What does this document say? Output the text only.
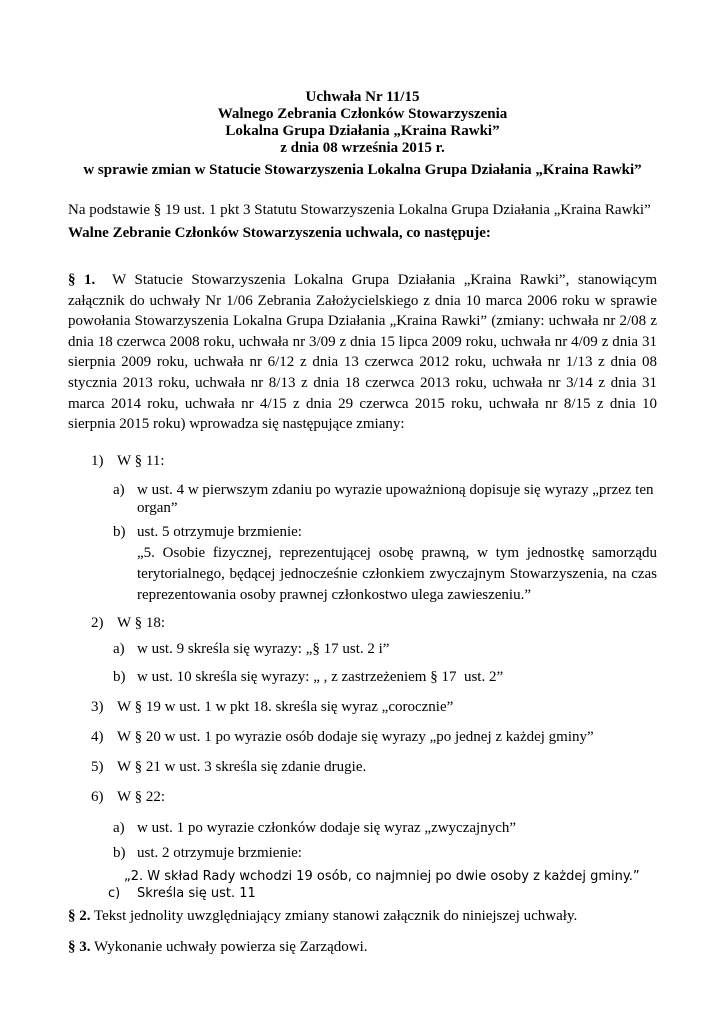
Uchwała Nr 11/15
Walnego Zebrania Członków Stowarzyszenia
Lokalna Grupa Działania „Kraina Rawki”
z dnia 08 września 2015 r.
w sprawie zmian w Statucie Stowarzyszenia Lokalna Grupa Działania „Kraina Rawki”
Na podstawie § 19 ust. 1 pkt 3 Statutu Stowarzyszenia Lokalna Grupa Działania „Kraina Rawki”
Walne Zebranie Członków Stowarzyszenia uchwala, co następuje:
§ 1. W Statucie Stowarzyszenia Lokalna Grupa Działania „Kraina Rawki”, stanowiącym załącznik do uchwały Nr 1/06 Zebrania Założycielskiego z dnia 10 marca 2006 roku w sprawie powołania Stowarzyszenia Lokalna Grupa Działania „Kraina Rawki” (zmiany: uchwała nr 2/08 z dnia 18 czerwca 2008 roku, uchwała nr 3/09 z dnia 15 lipca 2009 roku, uchwała nr 4/09 z dnia 31 sierpnia 2009 roku, uchwała nr 6/12 z dnia 13 czerwca 2012 roku, uchwała nr 1/13 z dnia 08 stycznia 2013 roku, uchwała nr 8/13 z dnia 18 czerwca 2013 roku, uchwała nr 3/14 z dnia 31 marca 2014 roku, uchwała nr 4/15 z dnia 29 czerwca 2015 roku, uchwała nr 8/15 z dnia 10 sierpnia 2015 roku) wprowadza się następujące zmiany:
1) W § 11:
a) w ust. 4 w pierwszym zdaniu po wyrazie upoważnioną dopisuje się wyrazy „przez ten
organ”
b) ust. 5 otrzymuje brzmienie:
„5. Osobie fizycznej, reprezentującej osobę prawną, w tym jednostkę samorządu terytorialnego, będącej jednocześnie członkiem zwyczajnym Stowarzyszenia, na czas reprezentowania osoby prawnej członkostwo ulega zawieszeniu.”
2) W § 18:
a) w ust. 9 skreśla się wyrazy: „§ 17 ust. 2 i”
b) w ust. 10 skreśla się wyrazy: „ , z zastrzeżeniem § 17  ust. 2”
3) W § 19 w ust. 1 w pkt 18. skreśla się wyraz „corocznie”
4) W § 20 w ust. 1 po wyrazie osób dodaje się wyrazy „po jednej z każdej gminy”
5) W § 21 w ust. 3 skreśla się zdanie drugie.
6) W § 22:
a) w ust. 1 po wyrazie członków dodaje się wyraz „zwyczajnych”
b) ust. 2 otrzymuje brzmienie:
„2. W skład Rady wchodzi 19 osób, co najmniej po dwie osoby z każdej gminy.”
c) Skreśla się ust. 11
§ 2. Tekst jednolity uwzględniający zmiany stanowi załącznik do niniejszej uchwały.
§ 3. Wykonanie uchwały powierza się Zarządowi.
